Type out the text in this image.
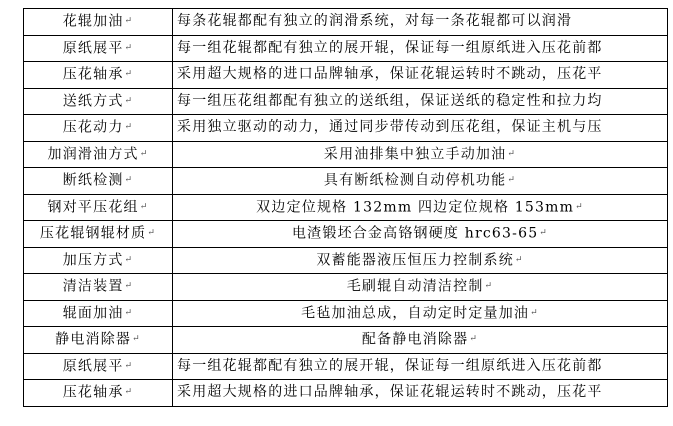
花辊加油↵	每条花辊都配有独立的润滑系统，对每一条花辊都可以润滑
原纸展平↵	每一组花辊都配有独立的展开辊，保证每一组原纸进入压花前都
压花轴承↵	采用超大规格的进口品牌轴承，保证花辊运转时不跳动，压花平
送纸方式↵	每一组压花组都配有独立的送纸组，保证送纸的稳定性和拉力均
压花动力↵	采用独立驱动的动力，通过同步带传动到压花组，保证主机与压
加润滑油方式↵	采用油排集中独立手动加油↵
断纸检测↵	具有断纸检测自动停机功能↵
钢对平压花组↵	双边定位规格 132mm 四边定位规格 153mm↵
压花辊钢辊材质↵	电渣锻坯合金高铬钢硬度 hrc63-65↵
加压方式↵	双蓄能器液压恒压力控制系统↵
清洁装置↵	毛刷辊自动清洁控制↵
辊面加油↵	毛毡加油总成，自动定时定量加油↵
静电消除器↵	配备静电消除器↵
原纸展平↵	每一组花辊都配有独立的展开辊，保证每一组原纸进入压花前都
压花轴承↵	采用超大规格的进口品牌轴承，保证花辊运转时不跳动，压花平
